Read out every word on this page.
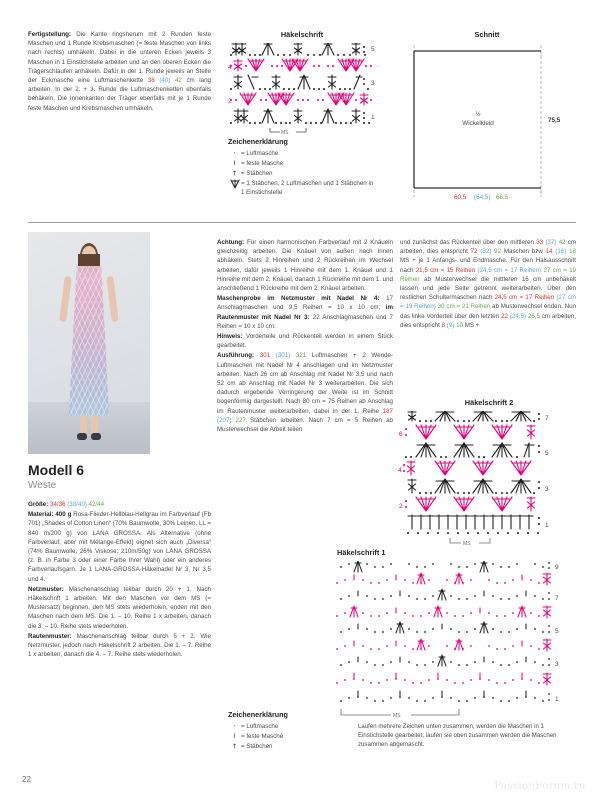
Fertigstellung: Die Kante ringsherum mit 2 Runden feste Maschen und 1 Runde Krebsmaschen (= feste Maschen von links nach rechts) umhäkeln. Dabei in die unteren Ecken jeweils 3 Maschen in 1 Einstichstelle arbeiten und an den oberen Ecken die Trägerschlaufen anhäkeln. Dafür in der 1. Runde jeweils an Stelle der Eckmasche eine Luftmaschenkette 38 (40) 42 cm lang arbeiten. In der 2. + 3. Runde die Luftmaschenketten ebenfalls behäkeln. Die Innenkanten der Träger ebenfalls mit je 1 Runde feste Maschen und Krebsmaschen umhäkeln.
Häkelschrift
5
3
1
4
2
MS
Zeichenerklärung
· = Luftmasche
I = feste Masche
† = Stäbchen
= 1 Stäbchen, 2 Luftmaschen und 1 Stäbchen in 1 Einstichstelle
Schnitt
½
Wickelkleid	75,5
60,5 (64,5) 68,5
Modell 6
Weste

Größe: 34/36 (38/40) 42/44

Material: 400 g Rosa-Flieder-Hellblau-Hellgrau im Farbverlauf (Fb 701) „Shades of Cotton Linen“ (70% Baumwolle, 30% Leinen, LL = 840 m/200 g) von LANA GROSSA. Als Alternative (ohne Farbverlauf, aber mit Mélange-Effekt) eignet sich auch „Diversa“ (74% Baumwolle, 26% Viskose; 210m/50g) von LANA GROSSA (z. B. in Farbe 3 oder einer Farbe Ihrer Wahl) oder ein anderes Farbverlaufsgarn. Je 1 LANA-GROSSA-Häkelnadel Nr 3, Nr 3,5 und 4.

Netzmuster: Maschenanschlag teilbar durch 20 + 1. Nach Häkelschrift 1 arbeiten. Mit den Maschen vor dem MS (= Mustersatz) beginnen, den MS stets wiederholen, enden mit den Maschen nach dem MS. Die 1. – 10. Reihe 1 x arbeiten, danach die 3. – 10. Reihe stets wiederholen.

Rautenmuster: Maschenanschlag teilbar durch 5 + 2. Wie Netzmuster, jedoch nach Häkelschrift 2 arbeiten. Die 1. – 7. Reihe 1 x arbeiten, danach die 4. – 7. Reihe stets wiederholen.

Achtung: Für einen harmonischen Farbverlauf mit 2 Knäueln gleichzeitig arbeiten. Die Knäuel von außen nach innen abhäkeln. Stets 2 Hinreihen und 2 Rückreihen im Wechsel arbeiten, dafür jeweils 1 Hinreihe mit dem 1. Knäuel und 1 Hinreihe mit dem 2. Knäuel, danach 1 Rückreihe mit dem 1. und anschließend 1 Rückreihe mit dem 2. Knäuel arbeiten.

Maschenprobe im Netzmuster mit Nadel Nr 4: 17 Anschlagmaschen und 9,5 Reihen = 10 x 10 cm; im Rautenmuster mit Nadel Nr 3: 22 Anschlagmaschen und 7 Reihen = 10 x 10 cm.

Hinweis: Vorderteile und Rückenteil werden in einem Stück gearbeitet.

Ausführung: 301 (301) 321 Luftmaschen + 2 Wende-Luftmaschen mit Nadel Nr 4 anschlagen und im Netzmuster arbeiten. Nach 26 cm ab Anschlag mit Nadel Nr 3,5 und nach 52 cm ab Anschlag mit Nadel Nr 3 weiterarbeiten. Die sich dadurch ergebende Verringerung der Weite ist im Schnitt bogenförmig dargestellt. Nach 80 cm = 75 Reihen ab Anschlag im Rautenmuster weiterarbeiten, dabei in der 1. Reihe 187 (207) 227 Stäbchen arbeiten. Nach 7 cm = 5 Reihen ab Musterwechsel die Arbeit teilen

und zunächst das Rückenteil über den mittleren 33 (37) 42 cm arbeiten, dies entspricht 72 (82) 92 Maschen bzw 14 (16) 18 MS + je 1 Anfangs- und Endmasche. Für den Halsausschnitt nach 21,5 cm = 15 Reihen (24,5 cm = 17 Reihen) 27 cm = 19 Reihen ab Musterwechsel die mittleren 16 cm unbehäkelt lassen und jede Seite getrennt weiterarbeiten. Über den restlichen Schultermaschen nach 24,5 cm = 17 Reihen (27 cm = 19 Reihen) 30 cm = 21 Reihen ab Musterwechsel enden. Nun das linke Vorderteil über den letzten 22 (24,5) 26,5 cm arbeiten, dies entspricht 8 (9) 10 MS +
Häkelschrift 2
1
2
3
4
5
6
7
MS
Häkelschrift 1
1
3
5
7
9
MS
Zeichenerklärung
· = Luftmasche
I = feste Masche
† = Stäbchen
Laufen mehrere Zeichen unten zusammen, werden die Maschen in 1 Einstichstelle gearbeitet, laufen sie oben zusammen werden die Maschen zusammen abgemascht.
22
PassionForum.ru
